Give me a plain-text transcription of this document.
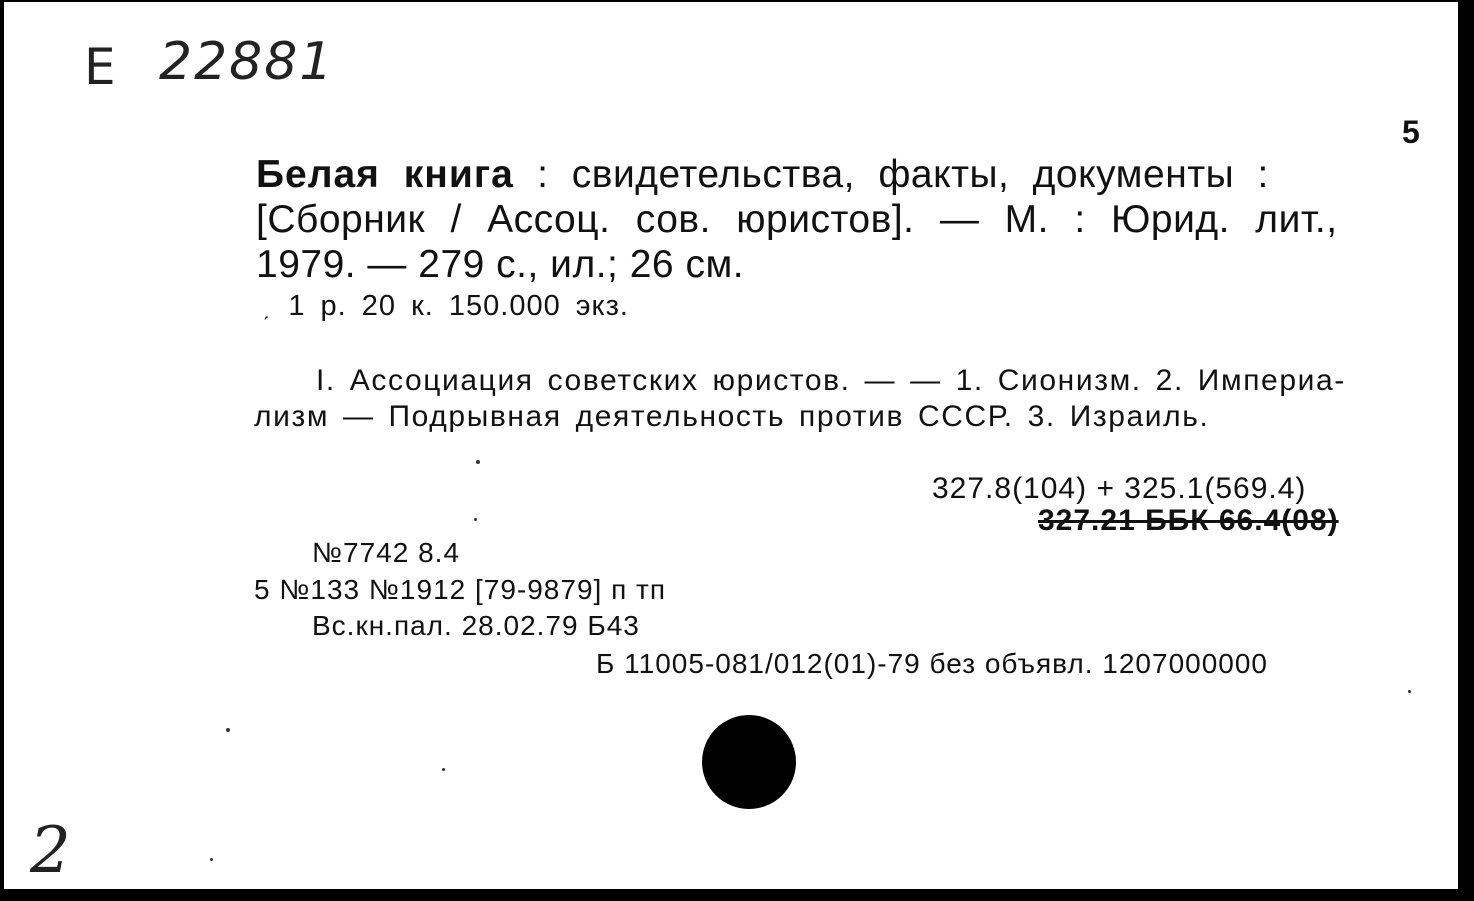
E 22881
5
Белая книга : свидетельства, факты, документы :
[Сборник / Ассоц. сов. юристов]. — М. : Юрид. лит.,
1979. — 279 с., ил.; 26 см.
ˏ 1 р. 20 к. 150.000 экз.
I. Ассоциация советских юристов. — — 1. Сионизм. 2. Империа-
лизм — Подрывная деятельность против СССР. 3. Израиль.
327.8(104) + 325.1(569.4)
327.21 ББК 66.4(08)
№7742 8.4
5 №133 №1912 [79-9879] п тп
Вс.кн.пал. 28.02.79 Б43
Б 11005-081/012(01)-79 без объявл. 1207000000
2
